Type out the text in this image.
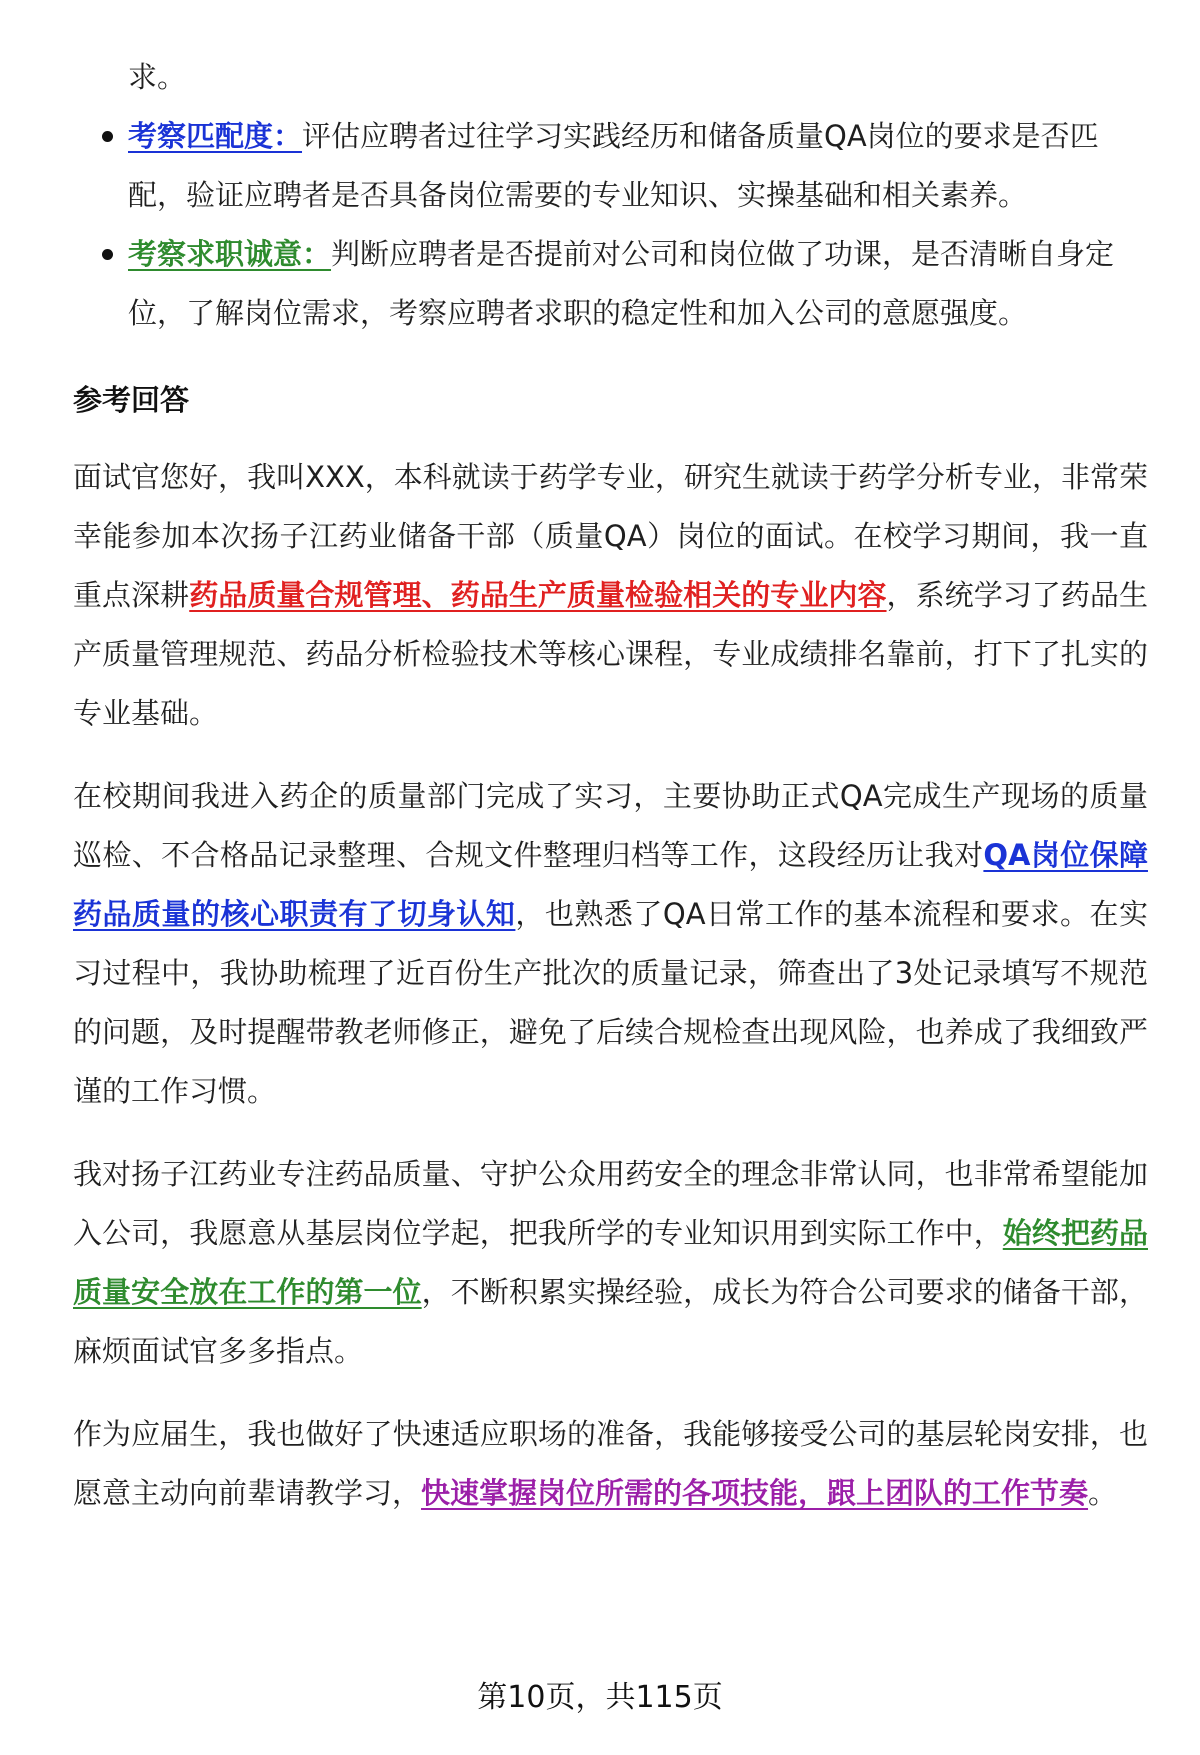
求。
考察匹配度：评估应聘者过往学习实践经历和储备质量QA岗位的要求是否匹配，验证应聘者是否具备岗位需要的专业知识、实操基础和相关素养。
考察求职诚意：判断应聘者是否提前对公司和岗位做了功课，是否清晰自身定位，了解岗位需求，考察应聘者求职的稳定性和加入公司的意愿强度。
参考回答

面试官您好，我叫XXX，本科就读于药学专业，研究生就读于药学分析专业，非常荣幸能参加本次扬子江药业储备干部（质量QA）岗位的面试。在校学习期间，我一直重点深耕药品质量合规管理、药品生产质量检验相关的专业内容，系统学习了药品生产质量管理规范、药品分析检验技术等核心课程，专业成绩排名靠前，打下了扎实的专业基础。

在校期间我进入药企的质量部门完成了实习，主要协助正式QA完成生产现场的质量巡检、不合格品记录整理、合规文件整理归档等工作，这段经历让我对QA岗位保障药品质量的核心职责有了切身认知，也熟悉了QA日常工作的基本流程和要求。在实习过程中，我协助梳理了近百份生产批次的质量记录，筛查出了3处记录填写不规范的问题，及时提醒带教老师修正，避免了后续合规检查出现风险，也养成了我细致严谨的工作习惯。

我对扬子江药业专注药品质量、守护公众用药安全的理念非常认同，也非常希望能加入公司，我愿意从基层岗位学起，把我所学的专业知识用到实际工作中，始终把药品质量安全放在工作的第一位，不断积累实操经验，成长为符合公司要求的储备干部，麻烦面试官多多指点。

作为应届生，我也做好了快速适应职场的准备，我能够接受公司的基层轮岗安排，也愿意主动向前辈请教学习，快速掌握岗位所需的各项技能，跟上团队的工作节奏。

第10页，共115页
